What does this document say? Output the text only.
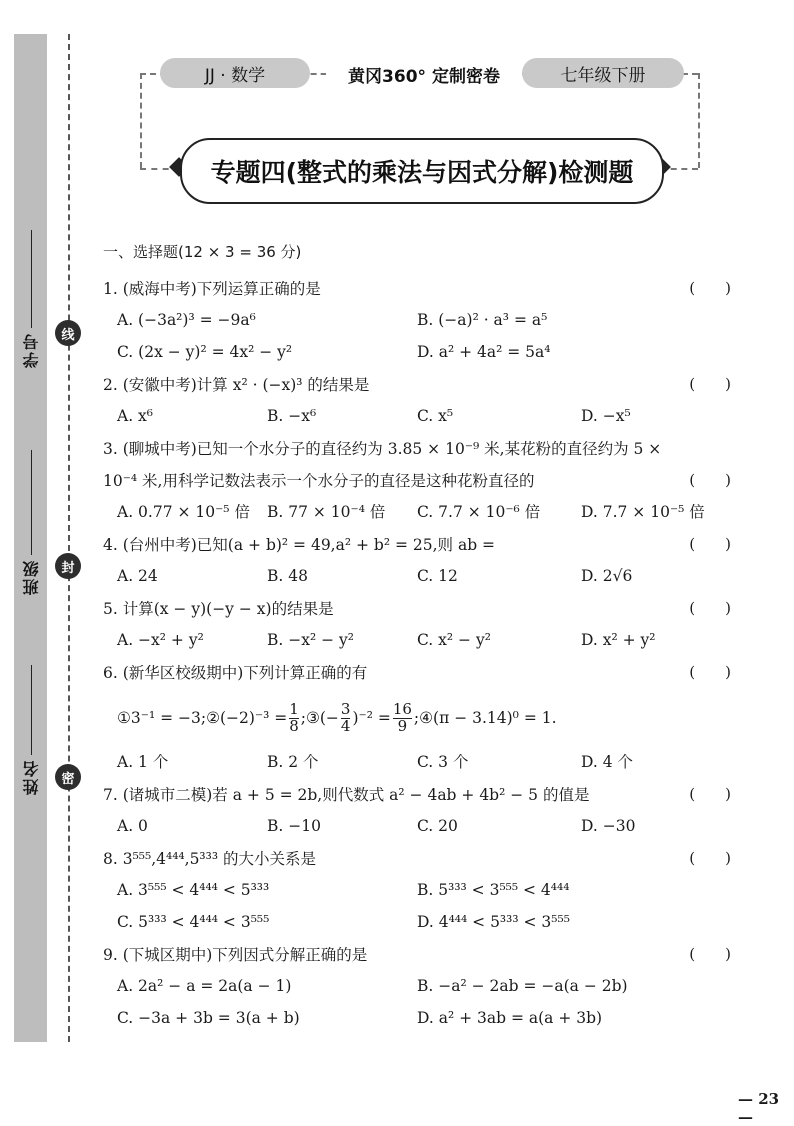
线
封
密
学号
班级
姓名
JJ · 数学	黄冈360° 定制密卷	七年级下册
专题四(整式的乘法与因式分解)检测题
一、选择题(12 × 3 = 36 分)
1. (威海中考)下列运算正确的是	(　　)
A. (−3a²)³ = −9a⁶	B. (−a)² · a³ = a⁵
C. (2x − y)² = 4x² − y²	D. a² + 4a² = 5a⁴
2. (安徽中考)计算 x² · (−x)³ 的结果是	(　　)
A. x⁶	B. −x⁶	C. x⁵	D. −x⁵
3. (聊城中考)已知一个水分子的直径约为 3.85 × 10⁻⁹ 米,某花粉的直径约为 5 ×
10⁻⁴ 米,用科学记数法表示一个水分子的直径是这种花粉直径的	(　　)
A. 0.77 × 10⁻⁵ 倍 B. 77 × 10⁻⁴ 倍 C. 7.7 × 10⁻⁶ 倍	D. 7.7 × 10⁻⁵ 倍
4. (台州中考)已知(a + b)² = 49,a² + b² = 25,则 ab =	(　　)
A. 24	B. 48	C. 12	D. 2√6
5. 计算(x − y)(−y − x)的结果是	(　　)
A. −x² + y²	B. −x² − y²	C. x² − y²	D. x² + y²
6. (新华区校级期中)下列计算正确的有	(　　)
①3⁻¹ = −3;②(−2)⁻³ = $\frac{1}{8}$ ;③(− $\frac{3}{4} )^{-2} = \frac{16}{9}$ ;④(π − 3.14)⁰ = 1.
A. 1 个	B. 2 个	C. 3 个	D. 4 个
7. (诸城市二模)若 a + 5 = 2b,则代数式 a² − 4ab + 4b² − 5 的值是	(　　)
A. 0	B. −10	C. 20	D. −30
8. 3⁵⁵⁵,4⁴⁴⁴,5³³³ 的大小关系是	(　　)
A. 3⁵⁵⁵ < 4⁴⁴⁴ < 5³³³	B. 5³³³ < 3⁵⁵⁵ < 4⁴⁴⁴
C. 5³³³ < 4⁴⁴⁴ < 3⁵⁵⁵	D. 4⁴⁴⁴ < 5³³³ < 3⁵⁵⁵
9. (下城区期中)下列因式分解正确的是	(　　)
A. 2a² − a = 2a(a − 1)	B. −a² − 2ab = −a(a − 2b)
C. −3a + 3b = 3(a + b)	D. a² + 3ab = a(a + 3b)
— 23 —
